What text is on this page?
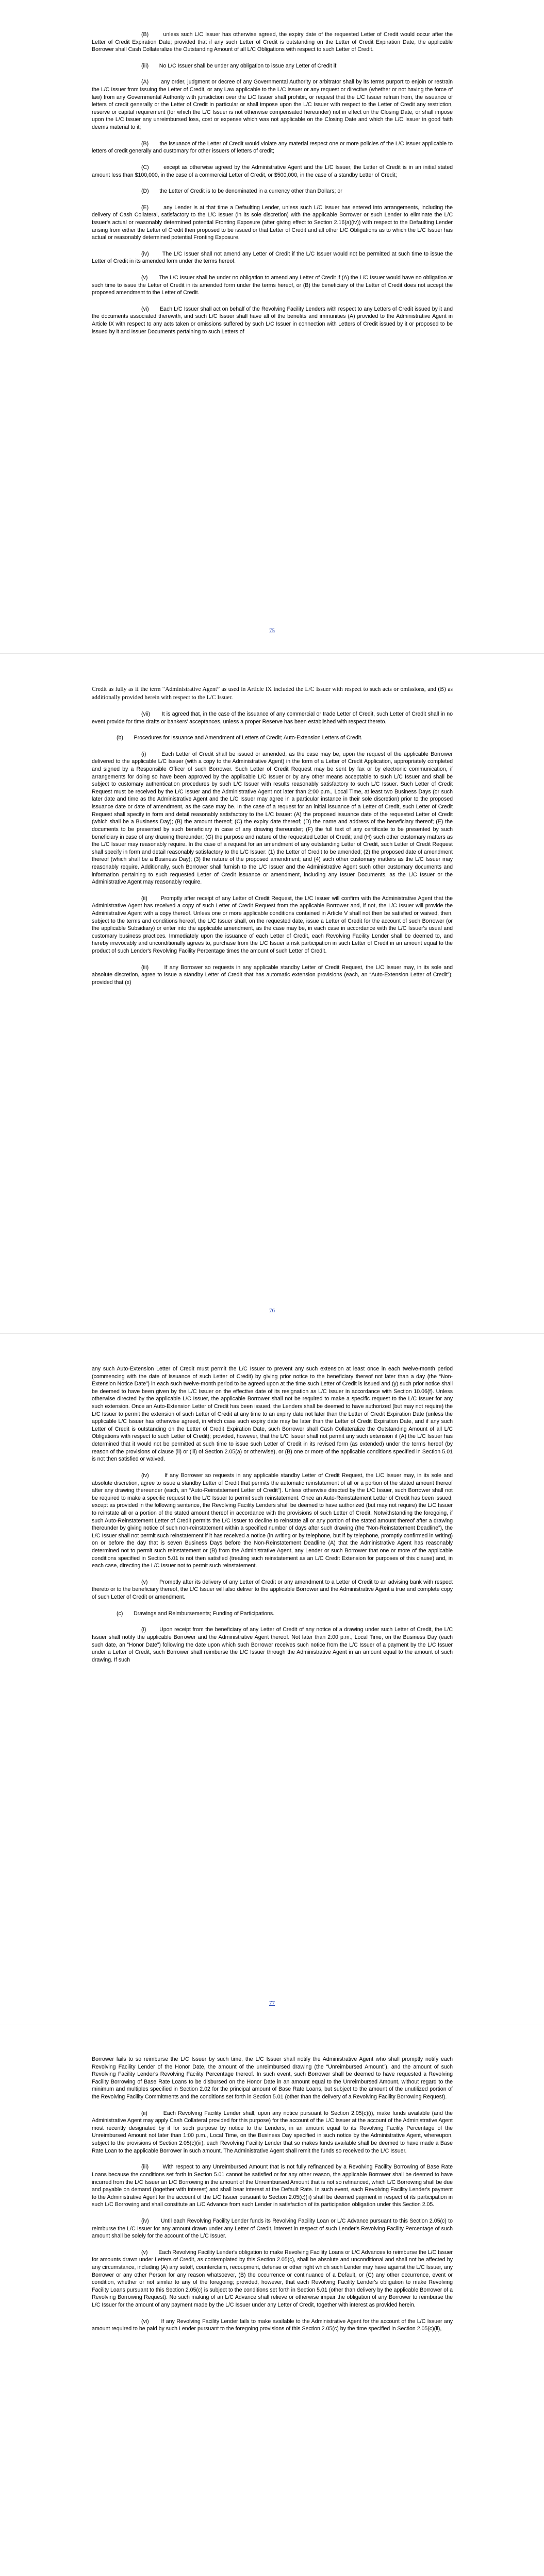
(B)       unless such L/C Issuer has otherwise agreed, the expiry date of the requested Letter of Credit would occur after the Letter of Credit Expiration Date; provided that if any such Letter of Credit is outstanding on the Letter of Credit Expiration Date, the applicable Borrower shall Cash Collateralize the Outstanding Amount of all L/C Obligations with respect to such Letter of Credit.

(iii)       No L/C Issuer shall be under any obligation to issue any Letter of Credit if:

(A)       any order, judgment or decree of any Governmental Authority or arbitrator shall by its terms purport to enjoin or restrain the L/C Issuer from issuing the Letter of Credit, or any Law applicable to the L/C Issuer or any request or directive (whether or not having the force of law) from any Governmental Authority with jurisdiction over the L/C Issuer shall prohibit, or request that the L/C Issuer refrain from, the issuance of letters of credit generally or the Letter of Credit in particular or shall impose upon the L/C Issuer with respect to the Letter of Credit any restriction, reserve or capital requirement (for which the L/C Issuer is not otherwise compensated hereunder) not in effect on the Closing Date, or shall impose upon the L/C Issuer any unreimbursed loss, cost or expense which was not applicable on the Closing Date and which the L/C Issuer in good faith deems material to it;

(B)       the issuance of the Letter of Credit would violate any material respect one or more policies of the L/C Issuer applicable to letters of credit generally and customary for other issuers of letters of credit;

(C)       except as otherwise agreed by the Administrative Agent and the L/C Issuer, the Letter of Credit is in an initial stated amount less than $100,000, in the case of a commercial Letter of Credit, or $500,000, in the case of a standby Letter of Credit;

(D)       the Letter of Credit is to be denominated in a currency other than Dollars; or

(E)       any Lender is at that time a Defaulting Lender, unless such L/C Issuer has entered into arrangements, including the delivery of Cash Collateral, satisfactory to the L/C Issuer (in its sole discretion) with the applicable Borrower or such Lender to eliminate the L/C Issuer's actual or reasonably determined potential Fronting Exposure (after giving effect to Section 2.16(a)(iv)) with respect to the Defaulting Lender arising from either the Letter of Credit then proposed to be issued or that Letter of Credit and all other L/C Obligations as to which the L/C Issuer has actual or reasonably determined potential Fronting Exposure.

(iv)       The L/C Issuer shall not amend any Letter of Credit if the L/C Issuer would not be permitted at such time to issue the Letter of Credit in its amended form under the terms hereof.

(v)       The L/C Issuer shall be under no obligation to amend any Letter of Credit if (A) the L/C Issuer would have no obligation at such time to issue the Letter of Credit in its amended form under the terms hereof, or (B) the beneficiary of the Letter of Credit does not accept the proposed amendment to the Letter of Credit.

(vi)       Each L/C Issuer shall act on behalf of the Revolving Facility Lenders with respect to any Letters of Credit issued by it and the documents associated therewith, and such L/C Issuer shall have all of the benefits and immunities (A) provided to the Administrative Agent in Article IX with respect to any acts taken or omissions suffered by such L/C Issuer in connection with Letters of Credit issued by it or proposed to be issued by it and Issuer Documents pertaining to such Letters of

75

Credit as fully as if the term “Administrative Agent” as used in Article IX included the L/C Issuer with respect to such acts or omissions, and (B) as additionally provided herein with respect to the L/C Issuer.

(vii)       It is agreed that, in the case of the issuance of any commercial or trade Letter of Credit, such Letter of Credit shall in no event provide for time drafts or bankers' acceptances, unless a proper Reserve has been established with respect thereto.

(b)       Procedures for Issuance and Amendment of Letters of Credit; Auto-Extension Letters of Credit.

(i)       Each Letter of Credit shall be issued or amended, as the case may be, upon the request of the applicable Borrower delivered to the applicable L/C Issuer (with a copy to the Administrative Agent) in the form of a Letter of Credit Application, appropriately completed and signed by a Responsible Officer of such Borrower. Such Letter of Credit Request may be sent by fax or by electronic communication, if arrangements for doing so have been approved by the applicable L/C Issuer or by any other means acceptable to such L/C Issuer and shall be subject to customary authentication procedures by such L/C Issuer with results reasonably satisfactory to such L/C Issuer. Such Letter of Credit Request must be received by the L/C Issuer and the Administrative Agent not later than 2:00 p.m., Local Time, at least two Business Days (or such later date and time as the Administrative Agent and the L/C Issuer may agree in a particular instance in their sole discretion) prior to the proposed issuance date or date of amendment, as the case may be. In the case of a request for an initial issuance of a Letter of Credit, such Letter of Credit Request shall specify in form and detail reasonably satisfactory to the L/C Issuer: (A) the proposed issuance date of the requested Letter of Credit (which shall be a Business Day); (B) the amount thereof; (C) the expiry date thereof; (D) the name and address of the beneficiary thereof; (E) the documents to be presented by such beneficiary in case of any drawing thereunder; (F) the full text of any certificate to be presented by such beneficiary in case of any drawing thereunder; (G) the purpose and nature of the requested Letter of Credit; and (H) such other customary matters as the L/C Issuer may reasonably require. In the case of a request for an amendment of any outstanding Letter of Credit, such Letter of Credit Request shall specify in form and detail reasonably satisfactory to the L/C Issuer: (1) the Letter of Credit to be amended; (2) the proposed date of amendment thereof (which shall be a Business Day); (3) the nature of the proposed amendment; and (4) such other customary matters as the L/C Issuer may reasonably require. Additionally, such Borrower shall furnish to the L/C Issuer and the Administrative Agent such other customary documents and information pertaining to such requested Letter of Credit issuance or amendment, including any Issuer Documents, as the L/C Issuer or the Administrative Agent may reasonably require.

(ii)       Promptly after receipt of any Letter of Credit Request, the L/C Issuer will confirm with the Administrative Agent that the Administrative Agent has received a copy of such Letter of Credit Request from the applicable Borrower and, if not, the L/C Issuer will provide the Administrative Agent with a copy thereof. Unless one or more applicable conditions contained in Article V shall not then be satisfied or waived, then, subject to the terms and conditions hereof, the L/C Issuer shall, on the requested date, issue a Letter of Credit for the account of such Borrower (or the applicable Subsidiary) or enter into the applicable amendment, as the case may be, in each case in accordance with the L/C Issuer's usual and customary business practices. Immediately upon the issuance of each Letter of Credit, each Revolving Facility Lender shall be deemed to, and hereby irrevocably and unconditionally agrees to, purchase from the L/C Issuer a risk participation in such Letter of Credit in an amount equal to the product of such Lender's Revolving Facility Percentage times the amount of such Letter of Credit.

(iii)       If any Borrower so requests in any applicable standby Letter of Credit Request, the L/C Issuer may, in its sole and absolute discretion, agree to issue a standby Letter of Credit that has automatic extension provisions (each, an “Auto-Extension Letter of Credit”); provided that (x)

76

any such Auto-Extension Letter of Credit must permit the L/C Issuer to prevent any such extension at least once in each twelve-month period (commencing with the date of issuance of such Letter of Credit) by giving prior notice to the beneficiary thereof not later than a day (the “Non-Extension Notice Date”) in each such twelve-month period to be agreed upon at the time such Letter of Credit is issued and (y) such prior notice shall be deemed to have been given by the L/C Issuer on the effective date of its resignation as L/C Issuer in accordance with Section 10.06(f). Unless otherwise directed by the applicable L/C Issuer, the applicable Borrower shall not be required to make a specific request to the L/C Issuer for any such extension. Once an Auto-Extension Letter of Credit has been issued, the Lenders shall be deemed to have authorized (but may not require) the L/C Issuer to permit the extension of such Letter of Credit at any time to an expiry date not later than the Letter of Credit Expiration Date (unless the applicable L/C Issuer has otherwise agreed, in which case such expiry date may be later than the Letter of Credit Expiration Date, and if any such Letter of Credit is outstanding on the Letter of Credit Expiration Date, such Borrower shall Cash Collateralize the Outstanding Amount of all L/C Obligations with respect to such Letter of Credit); provided, however, that the L/C Issuer shall not permit any such extension if (A) the L/C Issuer has determined that it would not be permitted at such time to issue such Letter of Credit in its revised form (as extended) under the terms hereof (by reason of the provisions of clause (ii) or (iii) of Section 2.05(a) or otherwise), or (B) one or more of the applicable conditions specified in Section 5.01 is not then satisfied or waived.

(iv)       If any Borrower so requests in any applicable standby Letter of Credit Request, the L/C Issuer may, in its sole and absolute discretion, agree to issue a standby Letter of Credit that permits the automatic reinstatement of all or a portion of the stated amount thereof after any drawing thereunder (each, an “Auto-Reinstatement Letter of Credit”). Unless otherwise directed by the L/C Issuer, such Borrower shall not be required to make a specific request to the L/C Issuer to permit such reinstatement. Once an Auto-Reinstatement Letter of Credit has been issued, except as provided in the following sentence, the Revolving Facility Lenders shall be deemed to have authorized (but may not require) the L/C Issuer to reinstate all or a portion of the stated amount thereof in accordance with the provisions of such Letter of Credit. Notwithstanding the foregoing, if such Auto-Reinstatement Letter of Credit permits the L/C Issuer to decline to reinstate all or any portion of the stated amount thereof after a drawing thereunder by giving notice of such non-reinstatement within a specified number of days after such drawing (the “Non-Reinstatement Deadline”), the L/C Issuer shall not permit such reinstatement if it has received a notice (in writing or by telephone, but if by telephone, promptly confirmed in writing) on or before the day that is seven Business Days before the Non-Reinstatement Deadline (A) that the Administrative Agent has reasonably determined not to permit such reinstatement or (B) from the Administrative Agent, any Lender or such Borrower that one or more of the applicable conditions specified in Section 5.01 is not then satisfied (treating such reinstatement as an L/C Credit Extension for purposes of this clause) and, in each case, directing the L/C Issuer not to permit such reinstatement.

(v)       Promptly after its delivery of any Letter of Credit or any amendment to a Letter of Credit to an advising bank with respect thereto or to the beneficiary thereof, the L/C Issuer will also deliver to the applicable Borrower and the Administrative Agent a true and complete copy of such Letter of Credit or amendment.

(c)       Drawings and Reimbursements; Funding of Participations.

(i)       Upon receipt from the beneficiary of any Letter of Credit of any notice of a drawing under such Letter of Credit, the L/C Issuer shall notify the applicable Borrower and the Administrative Agent thereof. Not later than 2:00 p.m., Local Time, on the Business Day (each such date, an “Honor Date”) following the date upon which such Borrower receives such notice from the L/C Issuer of a payment by the L/C Issuer under a Letter of Credit, such Borrower shall reimburse the L/C Issuer through the Administrative Agent in an amount equal to the amount of such drawing. If such

77

Borrower fails to so reimburse the L/C Issuer by such time, the L/C Issuer shall notify the Administrative Agent who shall promptly notify each Revolving Facility Lender of the Honor Date, the amount of the unreimbursed drawing (the “Unreimbursed Amount”), and the amount of such Revolving Facility Lender's Revolving Facility Percentage thereof. In such event, such Borrower shall be deemed to have requested a Revolving Facility Borrowing of Base Rate Loans to be disbursed on the Honor Date in an amount equal to the Unreimbursed Amount, without regard to the minimum and multiples specified in Section 2.02 for the principal amount of Base Rate Loans, but subject to the amount of the unutilized portion of the Revolving Facility Commitments and the conditions set forth in Section 5.01 (other than the delivery of a Revolving Facility Borrowing Request).

(ii)       Each Revolving Facility Lender shall, upon any notice pursuant to Section 2.05(c)(i), make funds available (and the Administrative Agent may apply Cash Collateral provided for this purpose) for the account of the L/C Issuer at the account of the Administrative Agent most recently designated by it for such purpose by notice to the Lenders, in an amount equal to its Revolving Facility Percentage of the Unreimbursed Amount not later than 1:00 p.m., Local Time, on the Business Day specified in such notice by the Administrative Agent, whereupon, subject to the provisions of Section 2.05(c)(iii), each Revolving Facility Lender that so makes funds available shall be deemed to have made a Base Rate Loan to the applicable Borrower in such amount. The Administrative Agent shall remit the funds so received to the L/C Issuer.

(iii)       With respect to any Unreimbursed Amount that is not fully refinanced by a Revolving Facility Borrowing of Base Rate Loans because the conditions set forth in Section 5.01 cannot be satisfied or for any other reason, the applicable Borrower shall be deemed to have incurred from the L/C Issuer an L/C Borrowing in the amount of the Unreimbursed Amount that is not so refinanced, which L/C Borrowing shall be due and payable on demand (together with interest) and shall bear interest at the Default Rate. In such event, each Revolving Facility Lender's payment to the Administrative Agent for the account of the L/C Issuer pursuant to Section 2.05(c)(ii) shall be deemed payment in respect of its participation in such L/C Borrowing and shall constitute an L/C Advance from such Lender in satisfaction of its participation obligation under this Section 2.05.

(iv)       Until each Revolving Facility Lender funds its Revolving Facility Loan or L/C Advance pursuant to this Section 2.05(c) to reimburse the L/C Issuer for any amount drawn under any Letter of Credit, interest in respect of such Lender's Revolving Facility Percentage of such amount shall be solely for the account of the L/C Issuer.

(v)       Each Revolving Facility Lender's obligation to make Revolving Facility Loans or L/C Advances to reimburse the L/C Issuer for amounts drawn under Letters of Credit, as contemplated by this Section 2.05(c), shall be absolute and unconditional and shall not be affected by any circumstance, including (A) any setoff, counterclaim, recoupment, defense or other right which such Lender may have against the L/C Issuer, any Borrower or any other Person for any reason whatsoever, (B) the occurrence or continuance of a Default, or (C) any other occurrence, event or condition, whether or not similar to any of the foregoing; provided, however, that each Revolving Facility Lender's obligation to make Revolving Facility Loans pursuant to this Section 2.05(c) is subject to the conditions set forth in Section 5.01 (other than delivery by the applicable Borrower of a Revolving Borrowing Request). No such making of an L/C Advance shall relieve or otherwise impair the obligation of any Borrower to reimburse the L/C Issuer for the amount of any payment made by the L/C Issuer under any Letter of Credit, together with interest as provided herein.

(vi)       If any Revolving Facility Lender fails to make available to the Administrative Agent for the account of the L/C Issuer any amount required to be paid by such Lender pursuant to the foregoing provisions of this Section 2.05(c) by the time specified in Section 2.05(c)(ii),
